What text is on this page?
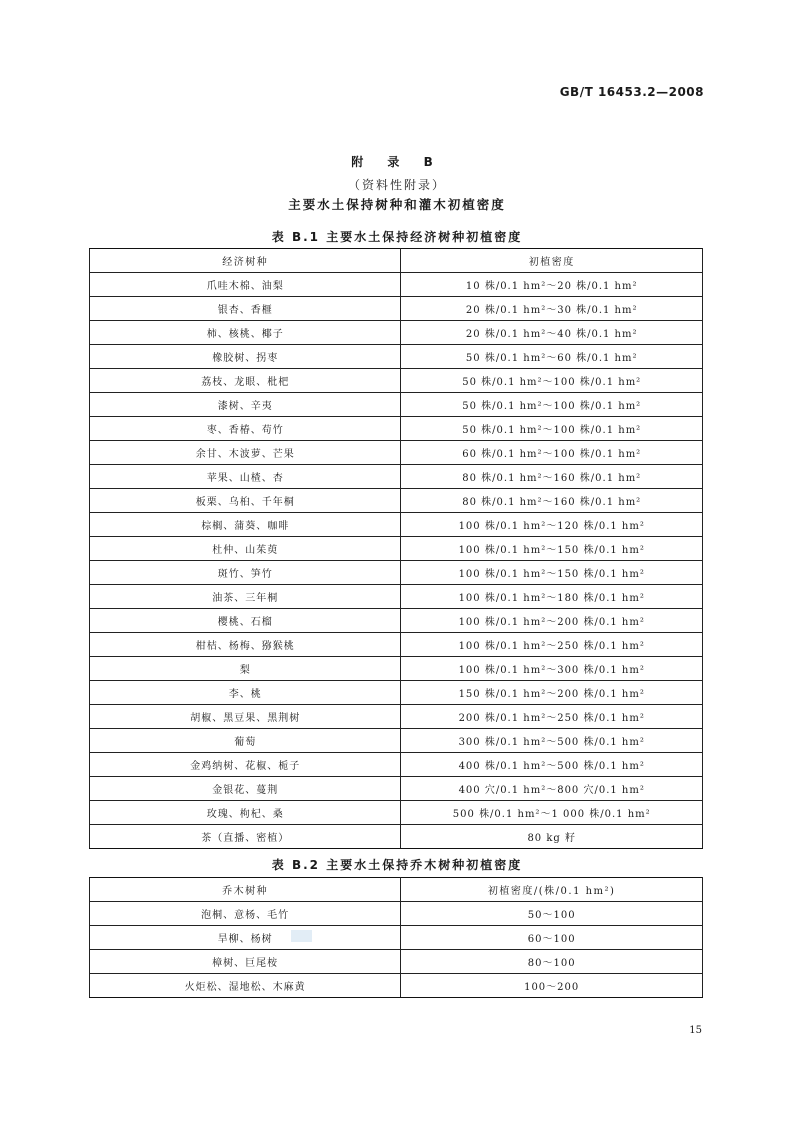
GB/T 16453.2—2008
附 录 B
（资料性附录）
主要水土保持树种和灌木初植密度
表 B.1 主要水土保持经济树种初植密度
经济树种	初植密度
爪哇木棉、油梨	10 株/0.1 hm²～20 株/0.1 hm²
银杏、香榧	20 株/0.1 hm²～30 株/0.1 hm²
柿、核桃、椰子	20 株/0.1 hm²～40 株/0.1 hm²
橡胶树、拐枣	50 株/0.1 hm²～60 株/0.1 hm²
荔枝、龙眼、枇杷	50 株/0.1 hm²～100 株/0.1 hm²
漆树、辛夷	50 株/0.1 hm²～100 株/0.1 hm²
枣、香椿、苟竹	50 株/0.1 hm²～100 株/0.1 hm²
余甘、木波萝、芒果	60 株/0.1 hm²～100 株/0.1 hm²
苹果、山楂、杏	80 株/0.1 hm²～160 株/0.1 hm²
板栗、乌桕、千年桐	80 株/0.1 hm²～160 株/0.1 hm²
棕榈、蒲葵、咖啡	100 株/0.1 hm²～120 株/0.1 hm²
杜仲、山茱萸	100 株/0.1 hm²～150 株/0.1 hm²
斑竹、笋竹	100 株/0.1 hm²～150 株/0.1 hm²
油茶、三年桐	100 株/0.1 hm²～180 株/0.1 hm²
樱桃、石榴	100 株/0.1 hm²～200 株/0.1 hm²
柑桔、杨梅、猕猴桃	100 株/0.1 hm²～250 株/0.1 hm²
梨	100 株/0.1 hm²～300 株/0.1 hm²
李、桃	150 株/0.1 hm²～200 株/0.1 hm²
胡椒、黑豆果、黑荆树	200 株/0.1 hm²～250 株/0.1 hm²
葡萄	300 株/0.1 hm²～500 株/0.1 hm²
金鸡纳树、花椒、栀子	400 株/0.1 hm²～500 株/0.1 hm²
金银花、蔓荆	400 穴/0.1 hm²～800 穴/0.1 hm²
玫瑰、枸杞、桑	500 株/0.1 hm²～1 000 株/0.1 hm²
茶（直播、密植）	80 kg 籽
表 B.2 主要水土保持乔木树种初植密度
乔木树种	初植密度/(株/0.1 hm²)
泡桐、意杨、毛竹	50～100
旱柳、杨树	60～100
樟树、巨尾桉	80～100
火炬松、湿地松、木麻黄	100～200
15
